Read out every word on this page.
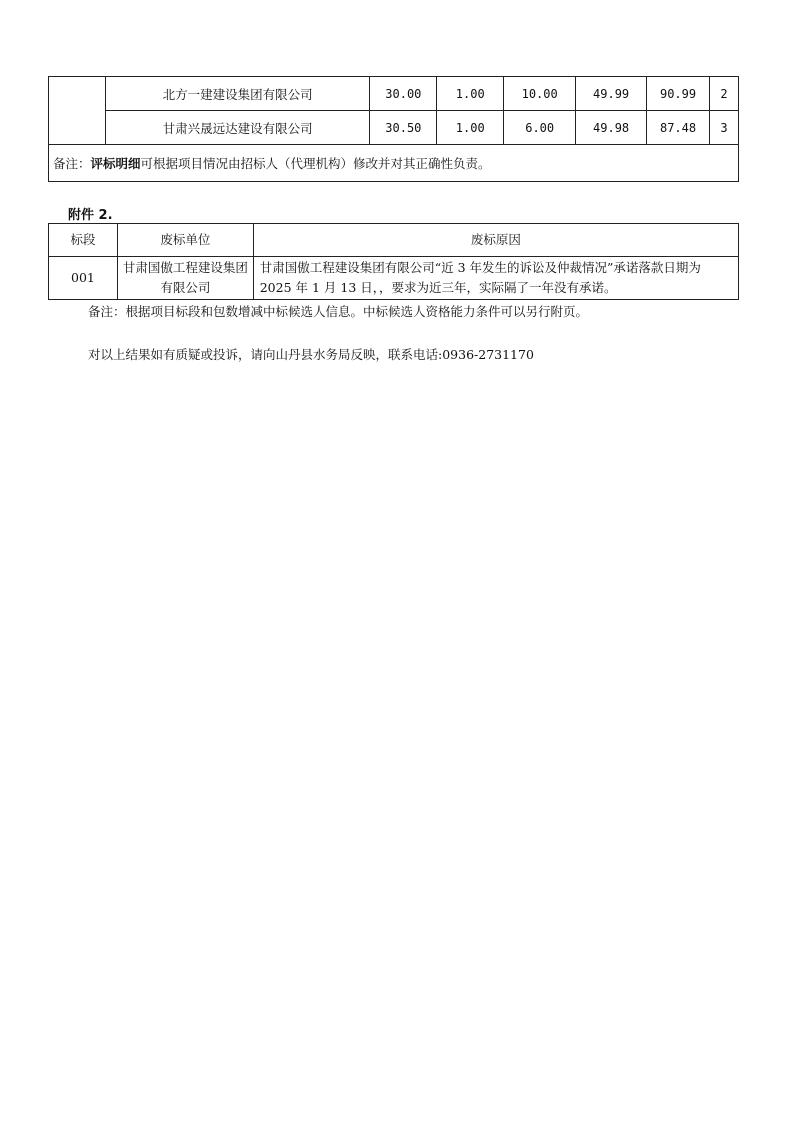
	北方一建建设集团有限公司	30.00	1.00	10.00	49.99	90.99	2
	甘肃兴晟远达建设有限公司	30.50	1.00	6.00	49.98	87.48	3
备注：评标明细可根据项目情况由招标人（代理机构）修改并对其正确性负责。							
附件 2.
标段	废标单位	废标原因
001	甘肃国傲工程建设集团有限公司	甘肃国傲工程建设集团有限公司“近 3 年发生的诉讼及仲裁情况”承诺落款日期为 2025 年 1 月 13 日，，要求为近三年，实际隔了一年没有承诺。
备注：根据项目标段和包数增减中标候选人信息。中标候选人资格能力条件可以另行附页。
对以上结果如有质疑或投诉，请向山丹县水务局反映，联系电话:0936-2731170
